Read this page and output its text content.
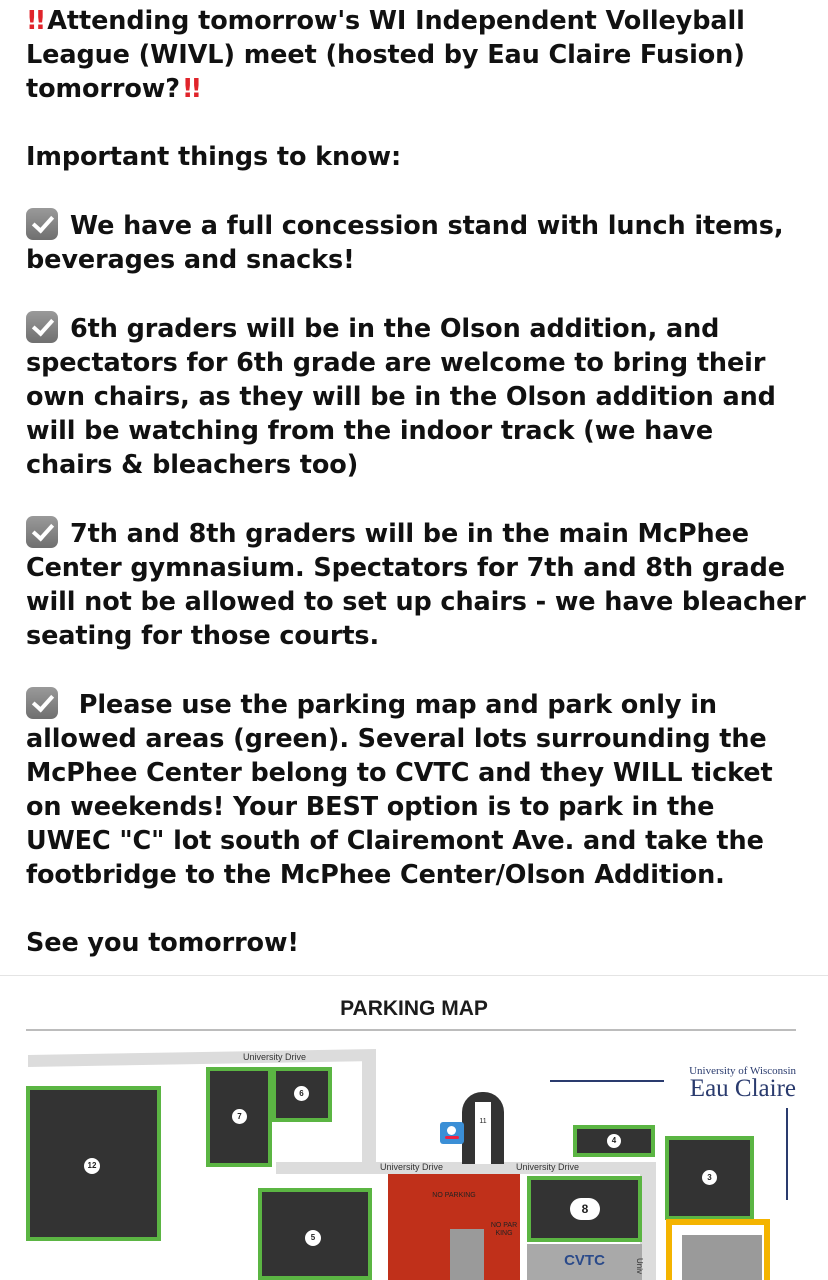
!! Attending tomorrow's WI Independent Volleyball League (WIVL) meet (hosted by Eau Claire Fusion) tomorrow?!!

Important things to know:

We have a full concession stand with lunch items, beverages and snacks!

6th graders will be in the Olson addition, and spectators for 6th grade are welcome to bring their own chairs, as they will be in the Olson addition and will be watching from the indoor track (we have chairs & bleachers too)

7th and 8th graders will be in the main McPhee Center gymnasium. Spectators for 7th and 8th grade will not be allowed to set up chairs - we have bleacher seating for those courts.

Please use the parking map and park only in allowed areas (green). Several lots surrounding the McPhee Center belong to CVTC and they WILL ticket on weekends! Your BEST option is to park in the UWEC "C" lot south of Clairemont Ave. and take the footbridge to the McPhee Center/Olson Addition.

See you tomorrow!

PARKING MAP
University Drive
University Drive	University Drive
12
7
6
5
11
4
8
3
NO PARKING
NO PAR KING
CVTC	Univ
University of Wisconsin
Eau Claire
